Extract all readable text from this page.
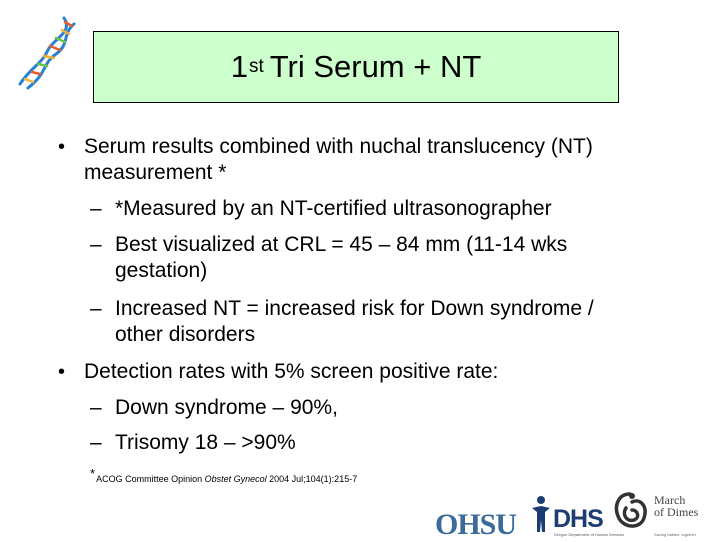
1 st Tri Serum + NT
• Serum results combined with nuchal translucency (NT)
measurement *
– *Measured by an NT-certified ultrasonographer
– Best visualized at CRL = 45 – 84 mm (11-14 wks
gestation)
– Increased NT = increased risk for Down syndrome /
other disorders
• Detection rates with 5% screen positive rate:
– Down syndrome – 90%,
– Trisomy 18 – >90%
*ACOG Committee Opinion Obstet Gynecol 2004 Jul;104(1):215-7
OHSU DHS
Oregon Department of Human Services
March
of Dimes
Saving babies, together
